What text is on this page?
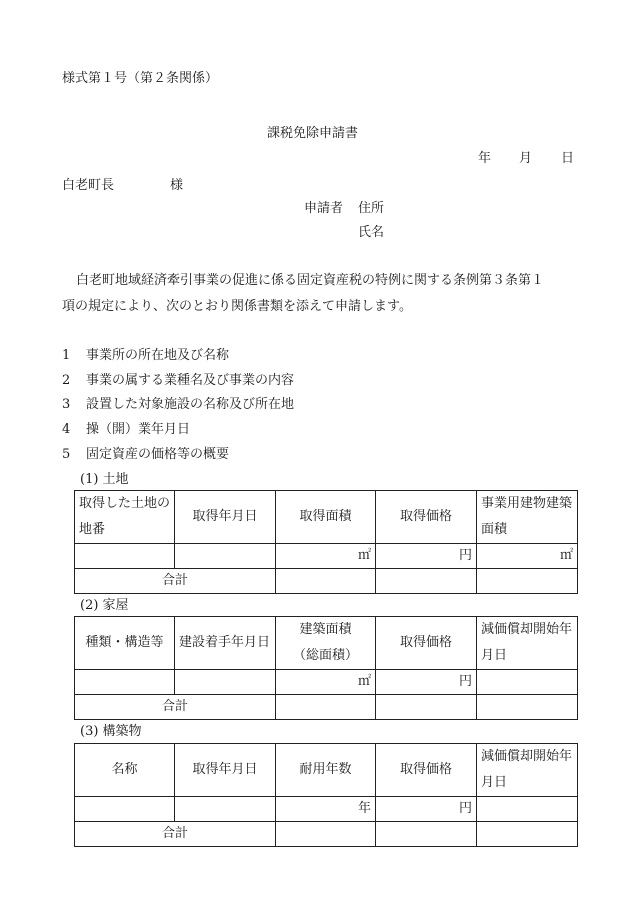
様式第１号（第２条関係）
課税免除申請書
年 月 日
白老町長	様
申請者 住所
氏名
白老町地域経済牽引事業の促進に係る固定資産税の特例に関する条例第３条第１
項の規定により、次のとおり関係書類を添えて申請します。
1 事業所の所在地及び名称
2 事業の属する業種名及び事業の内容
3 設置した対象施設の名称及び所在地
4 操（開）業年月日
5 固定資産の価格等の概要
(1) 土地
取得した土地の地番	取得年月日	取得面積	取得価格	事業用建物建築面積
		㎡	円	㎡
合計				
(2) 家屋
種類・構造等	建設着手年月日	建築面積（総面積）	取得価格	減価償却開始年月日
		㎡	円	
合計				
(3) 構築物
名称	取得年月日	耐用年数	取得価格	減価償却開始年月日
		年	円	
合計				
